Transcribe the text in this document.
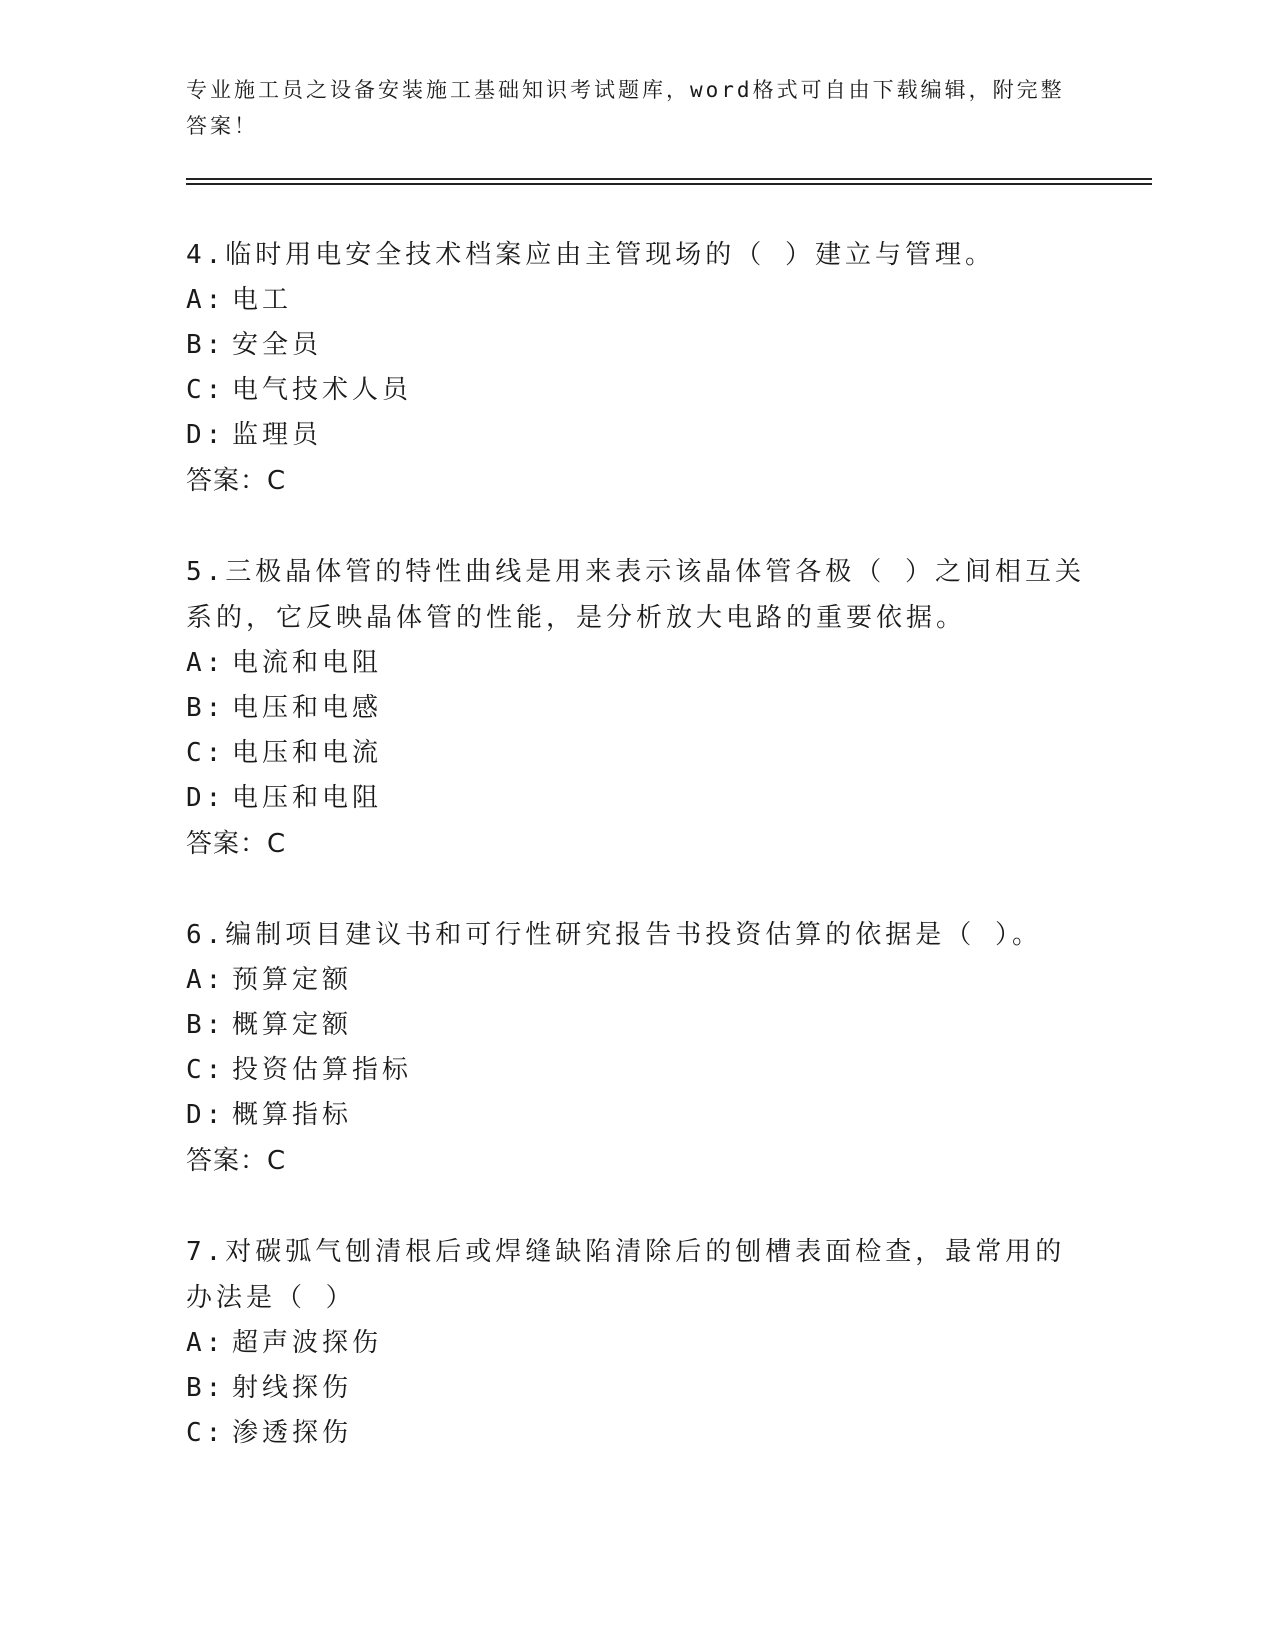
专业施工员之设备安装施工基础知识考试题库，word格式可自由下载编辑，附完整答案！
4.临时用电安全技术档案应由主管现场的（ ）建立与管理。
A: 电工
B: 安全员
C: 电气技术人员
D: 监理员
答案：C
5.三极晶体管的特性曲线是用来表示该晶体管各极（ ）之间相互关系的，它反映晶体管的性能，是分析放大电路的重要依据。
A: 电流和电阻
B: 电压和电感
C: 电压和电流
D: 电压和电阻
答案：C
6.编制项目建议书和可行性研究报告书投资估算的依据是（ ）。
A: 预算定额
B: 概算定额
C: 投资估算指标
D: 概算指标
答案：C
7.对碳弧气刨清根后或焊缝缺陷清除后的刨槽表面检查，最常用的办法是（ ）
A: 超声波探伤
B: 射线探伤
C: 渗透探伤
